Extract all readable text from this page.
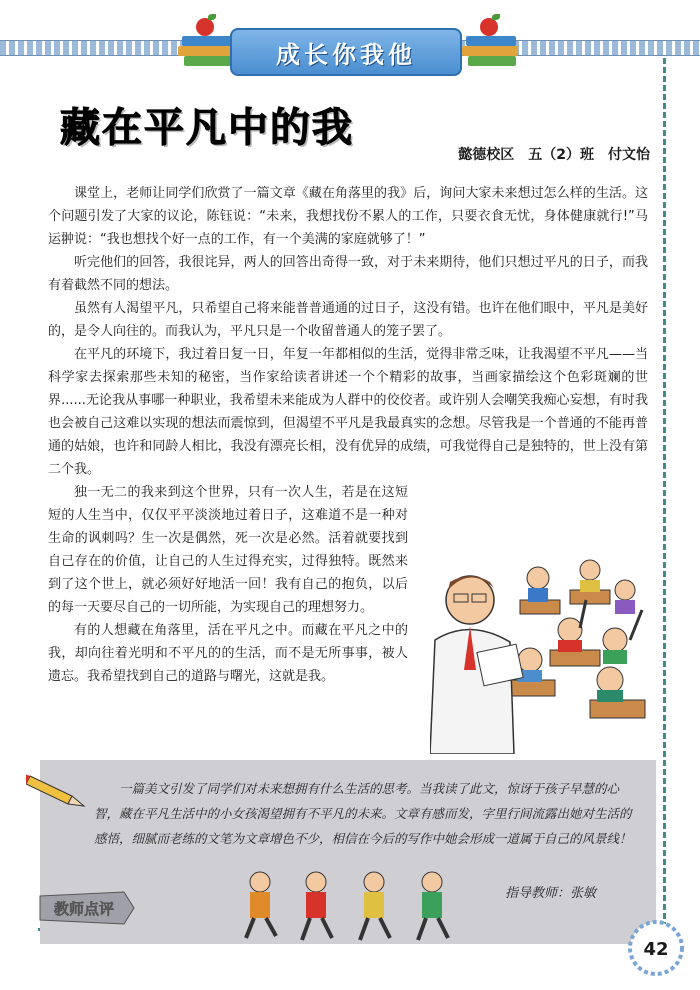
成长你我他
藏在平凡中的我
懿德校区　五（2）班　付文怡

课堂上，老师让同学们欣赏了一篇文章《藏在角落里的我》后，询问大家未来想过怎么样的生活。这个问题引发了大家的议论，陈钰说：“未来，我想找份不累人的工作，只要衣食无忧，身体健康就行!”马运翀说：“我也想找个好一点的工作，有一个美满的家庭就够了！”

听完他们的回答，我很诧异，两人的回答出奇得一致，对于未来期待，他们只想过平凡的日子，而我有着截然不同的想法。

虽然有人渴望平凡，只希望自己将来能普普通通的过日子，这没有错。也许在他们眼中，平凡是美好的，是令人向往的。而我认为，平凡只是一个收留普通人的笼子罢了。

在平凡的环境下，我过着日复一日，年复一年都相似的生活，觉得非常乏味，让我渴望不平凡——当科学家去探索那些未知的秘密，当作家给读者讲述一个个精彩的故事，当画家描绘这个色彩斑斓的世界......无论我从事哪一种职业，我希望未来能成为人群中的佼佼者。或许别人会嘲笑我痴心妄想，有时我也会被自己这难以实现的想法而震惊到，但渴望不平凡是我最真实的念想。尽管我是一个普通的不能再普通的姑娘，也许和同龄人相比，我没有漂亮长相，没有优异的成绩，可我觉得自己是独特的，世上没有第二个我。

独一无二的我来到这个世界，只有一次人生，若是在这短短的人生当中，仅仅平平淡淡地过着日子，这难道不是一种对生命的讽刺吗？生一次是偶然，死一次是必然。活着就要找到自己存在的价值，让自己的人生过得充实，过得独特。既然来到了这个世上，就必须好好地活一回！我有自己的抱负，以后的每一天要尽自己的一切所能，为实现自己的理想努力。

有的人想藏在角落里，活在平凡之中。而藏在平凡之中的我，却向往着光明和不平凡的的生活，而不是无所事事，被人遗忘。我希望找到自己的道路与曙光，这就是我。

一篇美文引发了同学们对未来想拥有什么生活的思考。当我读了此文，惊讶于孩子早慧的心智，藏在平凡生活中的小女孩渴望拥有不平凡的未来。文章有感而发，字里行间流露出她对生活的感悟，细腻而老练的文笔为文章增色不少，相信在今后的写作中她会形成一道属于自己的风景线！

指导教师：张敏
教师点评
42
